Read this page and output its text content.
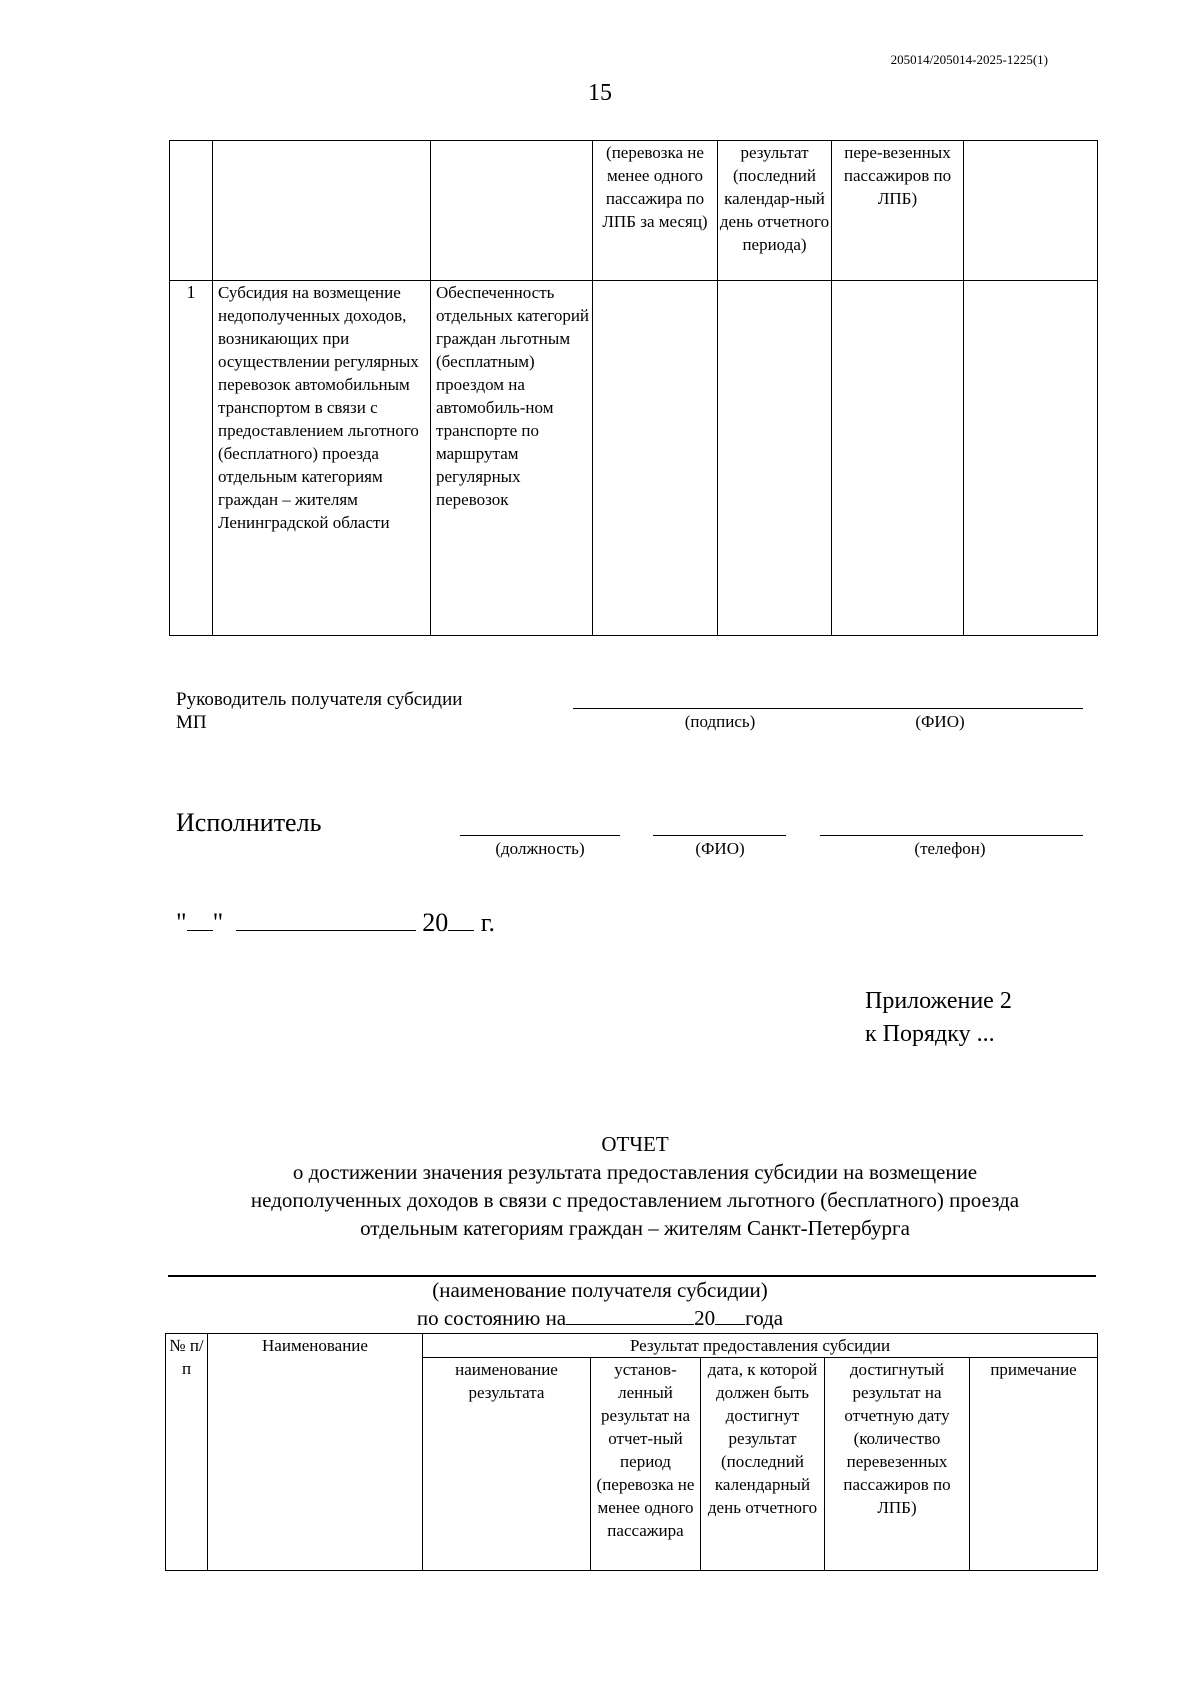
205014/205014-2025-1225(1)
15
			(перевозка не менее одного пассажира по ЛПБ за месяц)	результат (последний календар-ный день отчетного периода)	пере-везенных пассажиров по ЛПБ)	
1	Субсидия на возмещение недополученных доходов, возникающих при осуществлении регулярных перевозок автомобильным транспортом в связи с предоставлением льготного (бесплатного) проезда отдельным категориям граждан – жителям Ленинградской области	Обеспеченность отдельных категорий граждан льготным (бесплатным) проездом на автомобиль-ном транспорте по маршрутам регулярных перевозок				
Руководитель получателя субсидии
МП	(подпись)	(ФИО)
Исполнитель
(должность)	(ФИО)	(телефон)
" "	20 г.
Приложение 2
к Порядку ...
ОТЧЕТ
о достижении значения результата предоставления субсидии на возмещение
недополученных доходов в связи с предоставлением льготного (бесплатного) проезда
отдельным категориям граждан – жителям Санкт-Петербурга
(наименование получателя субсидии)
по состоянию на	20 года
№ п/п	Наименование	Результат предоставления субсидии				
		наименование результата	установ-ленный результат на отчет-ный период (перевозка не менее одного пассажира	дата, к которой должен быть достигнут результат (последний календарный день отчетного	достигнутый результат на отчетную дату (количество перевезенных пассажиров по ЛПБ)	примечание
